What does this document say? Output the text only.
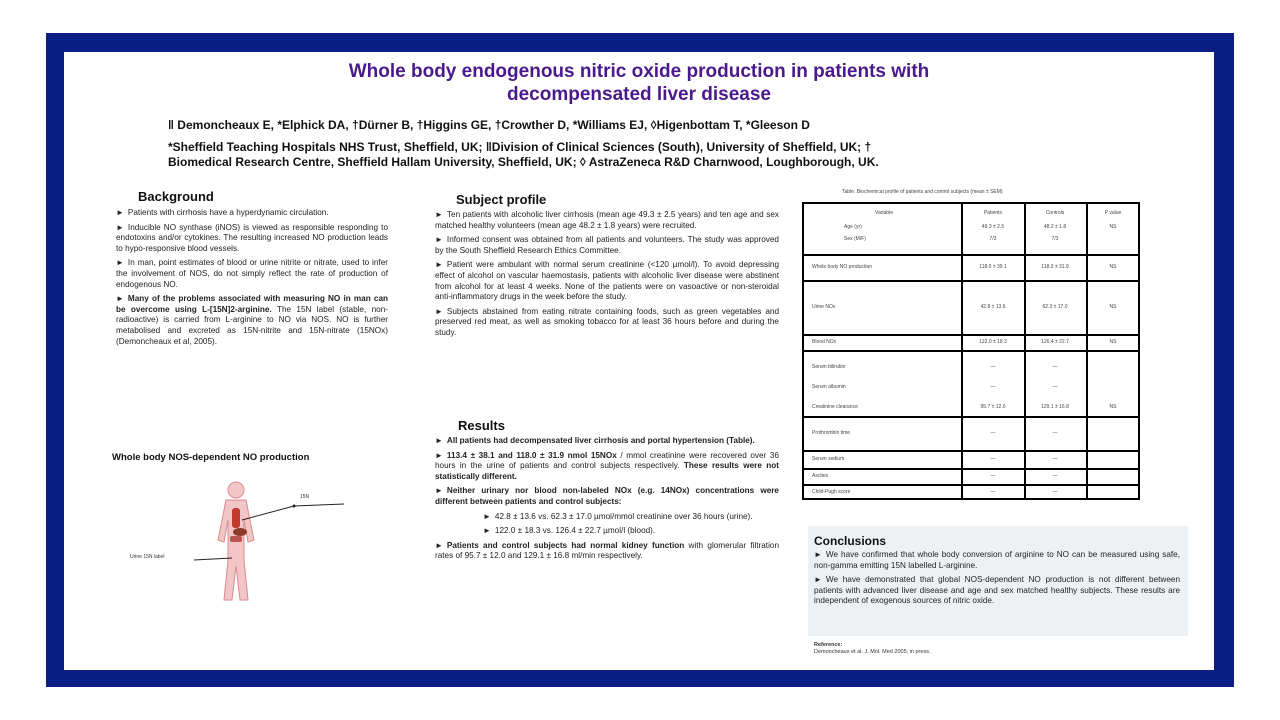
Whole body endogenous nitric oxide production in patients with
decompensated liver disease
‖ Demoncheaux E, *Elphick DA, †Dürner B, †Higgins GE, †Crowther D, *Williams EJ, ◊Higenbottam T, *Gleeson D
*Sheffield Teaching Hospitals NHS Trust, Sheffield, UK; ‖Division of Clinical Sciences (South), University of Sheffield, UK; †
Biomedical Research Centre, Sheffield Hallam University, Sheffield, UK; ◊ AstraZeneca R&D Charnwood, Loughborough, UK.
Background

► Patients with cirrhosis have a hyperdynamic circulation.

► Inducible NO synthase (iNOS) is viewed as responsible responding to endotoxins and/or cytokines. The resulting increased NO production leads to hypo-responsive blood vessels.

► In man, point estimates of blood or urine nitrite or nitrate, used to infer the involvement of NOS, do not simply reflect the rate of production of endogenous NO.

► Many of the problems associated with measuring NO in man can be overcome using L-[15N]2-arginine. The 15N label (stable, non-radioactive) is carried from L-arginine to NO via NOS. NO is further metabolised and excreted as 15N-nitrite and 15N-nitrate (15NOx) (Demoncheaux et al, 2005).

Whole body NOS-dependent NO production
Urine 15N label
15N
Subject profile

► Ten patients with alcoholic liver cirrhosis (mean age 49.3 ± 2.5 years) and ten age and sex matched healthy volunteers (mean age 48.2 ± 1.8 years) were recruited.

► Informed consent was obtained from all patients and volunteers. The study was approved by the South Sheffield Research Ethics Committee.

► Patient were ambulant with normal serum creatinine (<120 µmol/l). To avoid depressing effect of alcohol on vascular haemostasis, patients with alcoholic liver disease were abstinent from alcohol for at least 4 weeks. None of the patients were on vasoactive or non-steroidal anti-inflammatory drugs in the week before the study.

► Subjects abstained from eating nitrate containing foods, such as green vegetables and preserved red meat, as well as smoking tobacco for at least 36 hours before and during the study.

Results

► All patients had decompensated liver cirrhosis and portal hypertension (Table).

► 113.4 ± 38.1 and 118.0 ± 31.9 nmol 15NOx / mmol creatinine were recovered over 36 hours in the urine of patients and control subjects respectively. These results were not statistically different.

► Neither urinary nor blood non-labeled NOx (e.g. 14NOx) concentrations were different between patients and control subjects:

► 42.8 ± 13.6 vs. 62.3 ± 17.0 µmol/mmol creatinine over 36 hours (urine).

► 122.0 ± 18.3 vs. 126.4 ± 22.7 µmol/l (blood).

► Patients and control subjects had normal kidney function with glomerular filtration rates of 95.7 ± 12.0 and 129.1 ± 16.8 ml/min respectively.

Table. Biochemical profile of patients and control subjects (mean ± SEM)
Variable	Patients	Controls	P value
Age (yr)	49.3 ± 2.5	48.2 ± 1.8	NS
Sex (M/F)	7/3	7/3
Whole body NO production	118.0 ± 39.1	118.0 ± 31.9	NS
Urine NOx	42.8 ± 13.6	62.3 ± 17.0	NS
Blood NOx	122.0 ± 18.3	126.4 ± 22.7	NS
Serum bilirubin	—	—
Serum albumin	—	—
Creatinine clearance	95.7 ± 12.0	129.1 ± 16.8	NS
Prothrombin time	—	—
Serum sodium	—	—
Ascites	—	—
Child-Pugh score	—	—
Conclusions

► We have confirmed that whole body conversion of arginine to NO can be measured using safe, non-gamma emitting 15N labelled L-arginine.

► We have demonstrated that global NOS-dependent NO production is not different between patients with advanced liver disease and age and sex matched healthy subjects. These results are independent of exogenous sources of nitric oxide.

Reference:
Demoncheaux et al. J. Mol. Med 2005; in press.
